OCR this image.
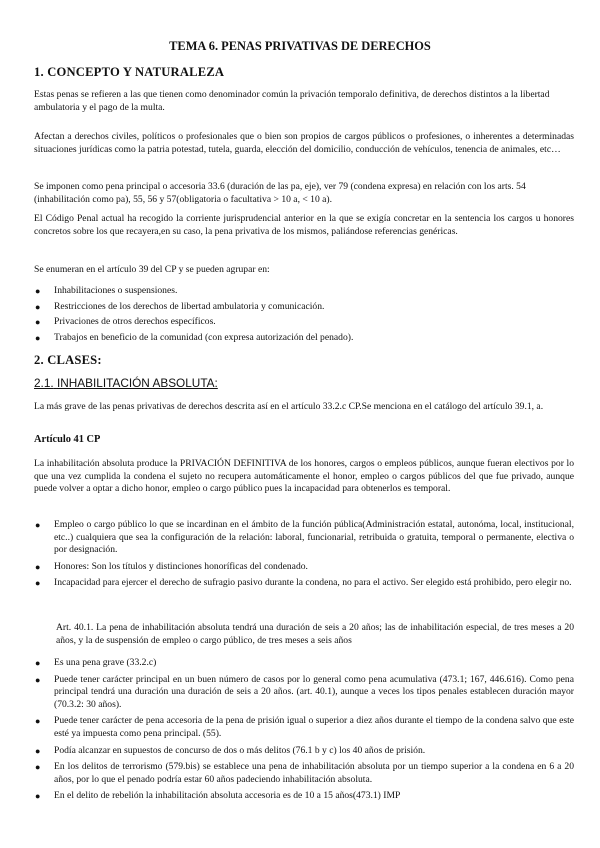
TEMA 6. PENAS PRIVATIVAS DE DERECHOS
1. CONCEPTO Y NATURALEZA

Estas penas se refieren a las que tienen como denominador común la privación temporalo definitiva, de derechos distintos a la libertad ambulatoria y el pago de la multa.

Afectan a derechos civiles, políticos o profesionales que o bien son propios de cargos públicos o profesiones, o inherentes a determinadas situaciones jurídicas como la patria potestad, tutela, guarda, elección del domicilio, conducción de vehículos, tenencia de animales, etc…

Se imponen como pena principal o accesoria 33.6 (duración de las pa, eje), ver 79 (condena expresa) en relación con los arts. 54 (inhabilitación como pa), 55, 56 y 57(obligatoria o facultativa > 10 a, < 10 a).

El Código Penal actual ha recogido la corriente jurisprudencial anterior en la que se exigía concretar en la sentencia los cargos u honores concretos sobre los que recayera,en su caso, la pena privativa de los mismos, paliándose referencias genéricas.

Se enumeran en el artículo 39 del CP y se pueden agrupar en:

● Inhabilitaciones o suspensiones.
● Restricciones de los derechos de libertad ambulatoria y comunicación.
● Privaciones de otros derechos específicos.
● Trabajos en beneficio de la comunidad (con expresa autorización del penado).
2. CLASES:
2.1. INHABILITACIÓN ABSOLUTA:

La más grave de las penas privativas de derechos descrita así en el artículo 33.2.c CP.Se menciona en el catálogo del artículo 39.1, a.

Artículo 41 CP

La inhabilitación absoluta produce la PRIVACIÓN DEFINITIVA de los honores, cargos o empleos públicos, aunque fueran electivos por lo que una vez cumplida la condena el sujeto no recupera automáticamente el honor, empleo o cargos públicos del que fue privado, aunque puede volver a optar a dicho honor, empleo o cargo público pues la incapacidad para obtenerlos es temporal.

● Empleo o cargo público lo que se incardinan en el ámbito de la función pública(Administración estatal, autonóma, local, institucional, etc..) cualquiera que sea la configuración de la relación: laboral, funcionarial, retribuida o gratuita, temporal o permanente, electiva o por designación.
● Honores: Son los títulos y distinciones honoríficas del condenado.
● Incapacidad para ejercer el derecho de sufragio pasivo durante la condena, no para el activo. Ser elegido está prohibido, pero elegir no.

Art. 40.1. La pena de inhabilitación absoluta tendrá una duración de seis a 20 años; las de inhabilitación especial, de tres meses a 20 años, y la de suspensión de empleo o cargo público, de tres meses a seis años

● Es una pena grave (33.2.c)
● Puede tener carácter principal en un buen número de casos por lo general como pena acumulativa (473.1; 167, 446.616). Como pena principal tendrá una duración una duración de seis a 20 años. (art. 40.1), aunque a veces los tipos penales establecen duración mayor (70.3.2: 30 años).
● Puede tener carácter de pena accesoria de la pena de prisión igual o superior a diez años durante el tiempo de la condena salvo que este esté ya impuesta como pena principal. (55).
● Podía alcanzar en supuestos de concurso de dos o más delitos (76.1 b y c) los 40 años de prisión.
● En los delitos de terrorismo (579.bis) se establece una pena de inhabilitación absoluta por un tiempo superior a la condena en 6 a 20 años, por lo que el penado podría estar 60 años padeciendo inhabilitación absoluta.
● En el delito de rebelión la inhabilitación absoluta accesoria es de 10 a 15 años(473.1) IMP
